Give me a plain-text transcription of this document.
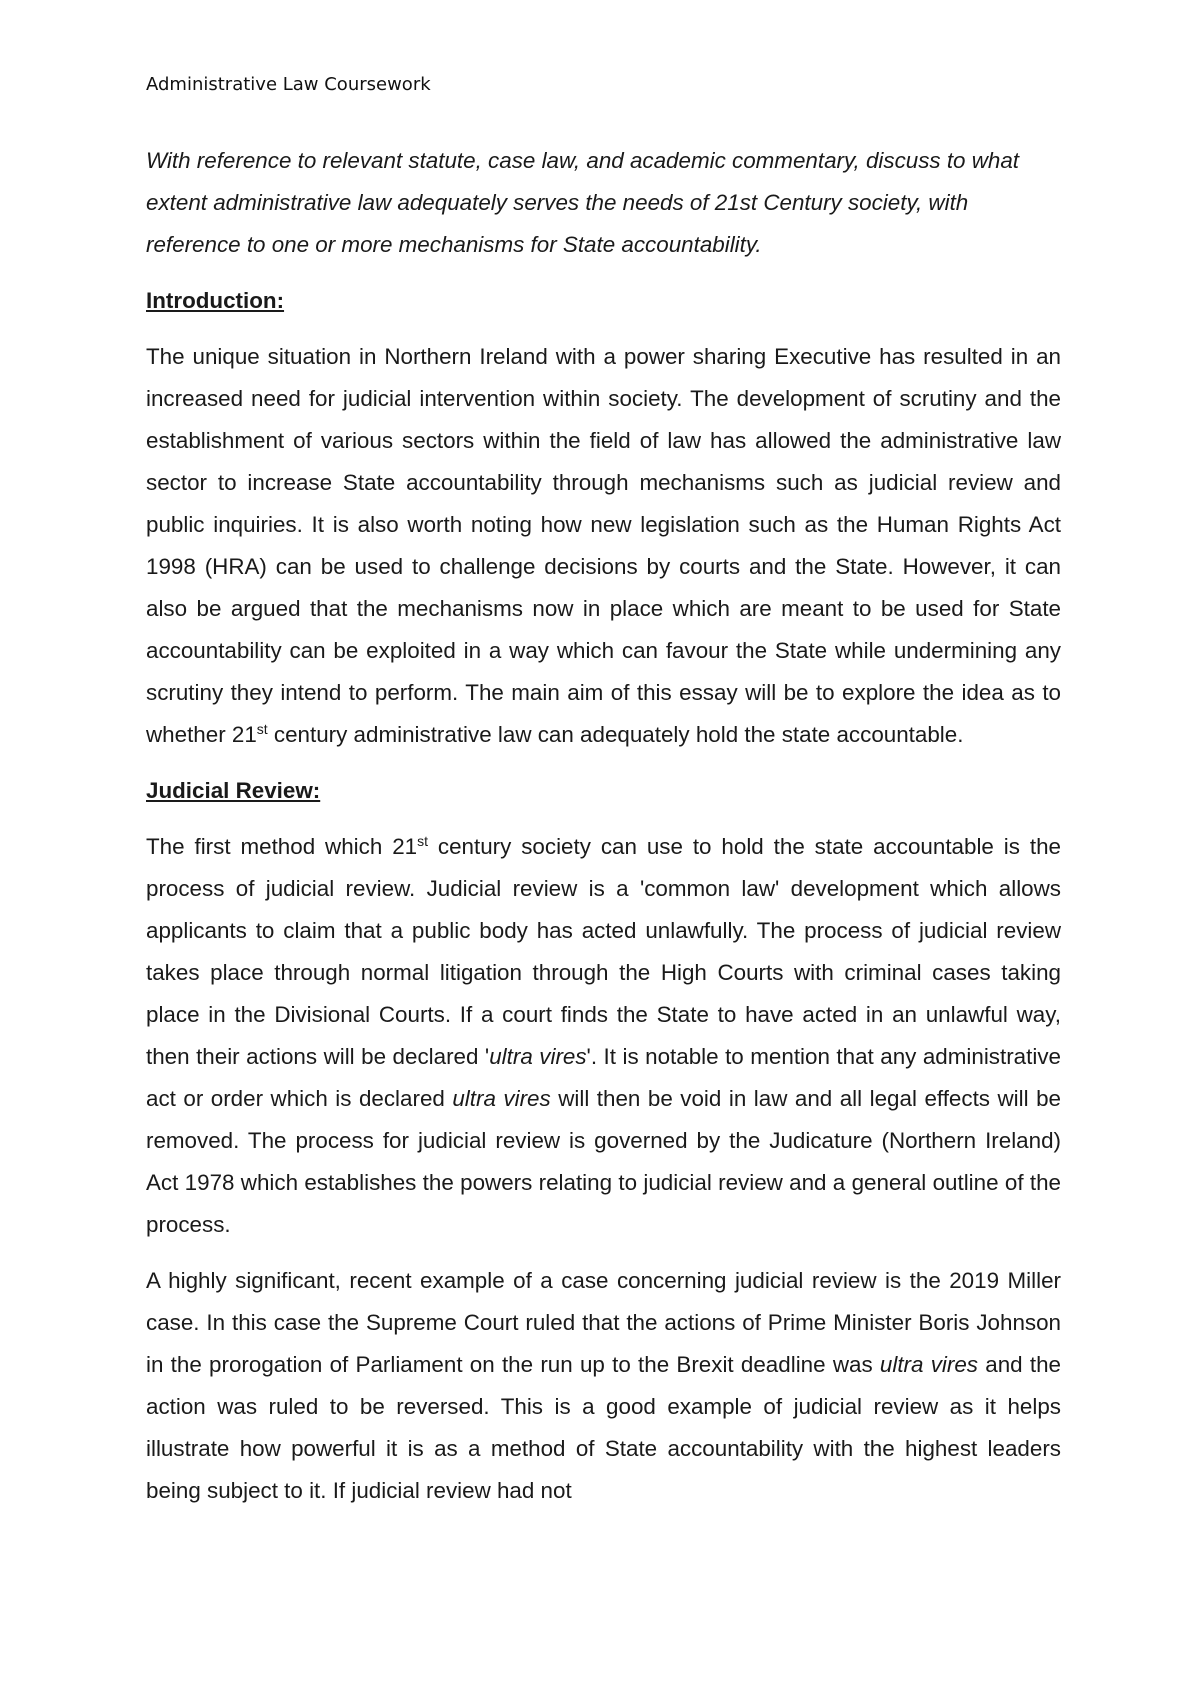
Administrative Law Coursework

With reference to relevant statute, case law, and academic commentary, discuss to what extent administrative law adequately serves the needs of 21st Century society, with reference to one or more mechanisms for State accountability.

Introduction:

The unique situation in Northern Ireland with a power sharing Executive has resulted in an increased need for judicial intervention within society. The development of scrutiny and the establishment of various sectors within the field of law has allowed the administrative law sector to increase State accountability through mechanisms such as judicial review and public inquiries. It is also worth noting how new legislation such as the Human Rights Act 1998 (HRA) can be used to challenge decisions by courts and the State. However, it can also be argued that the mechanisms now in place which are meant to be used for State accountability can be exploited in a way which can favour the State while undermining any scrutiny they intend to perform. The main aim of this essay will be to explore the idea as to whether 21st century administrative law can adequately hold the state accountable.

Judicial Review:

The first method which 21st century society can use to hold the state accountable is the process of judicial review. Judicial review is a 'common law' development which allows applicants to claim that a public body has acted unlawfully. The process of judicial review takes place through normal litigation through the High Courts with criminal cases taking place in the Divisional Courts. If a court finds the State to have acted in an unlawful way, then their actions will be declared 'ultra vires'. It is notable to mention that any administrative act or order which is declared ultra vires will then be void in law and all legal effects will be removed. The process for judicial review is governed by the Judicature (Northern Ireland) Act 1978 which establishes the powers relating to judicial review and a general outline of the process.

A highly significant, recent example of a case concerning judicial review is the 2019 Miller case. In this case the Supreme Court ruled that the actions of Prime Minister Boris Johnson in the prorogation of Parliament on the run up to the Brexit deadline was ultra vires and the action was ruled to be reversed. This is a good example of judicial review as it helps illustrate how powerful it is as a method of State accountability with the highest leaders being subject to it. If judicial review had not
